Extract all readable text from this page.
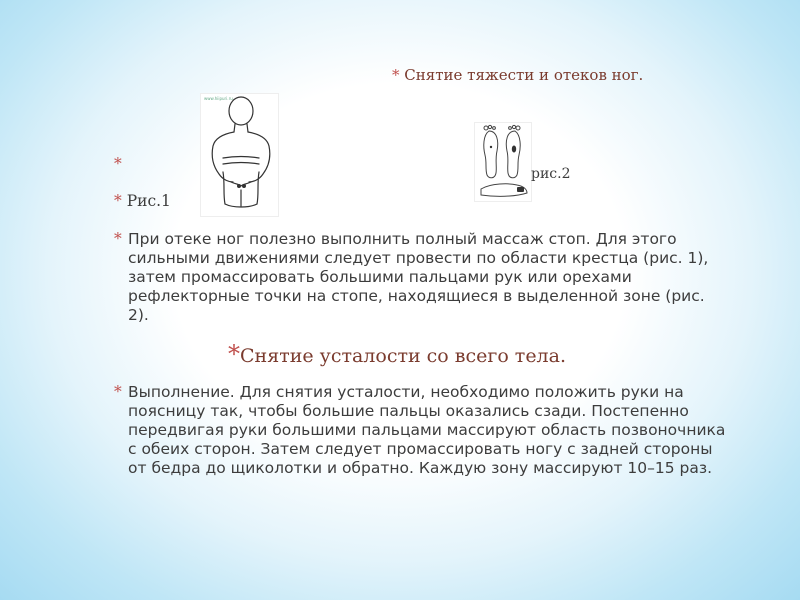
* Снятие тяжести и отеков ног.
www.hiipuri.ru
рис.2
*
* Рис.1
* При отеке ног полезно выполнить полный массаж стоп. Для этого сильными движениями следует провести по области крестца (рис. 1), затем промассировать большими пальцами рук или орехами рефлекторные точки на стопе, находящиеся в выделенной зоне (рис. 2).
*Снятие усталости со всего тела.
* Выполнение. Для снятия усталости, необходимо положить руки на поясницу так, чтобы большие пальцы оказались сзади. Постепенно передвигая руки большими пальцами массируют область позвоночника с обеих сторон. Затем следует промассировать ногу с задней стороны от бедра до щиколотки и обратно. Каждую зону массируют 10–15 раз.
